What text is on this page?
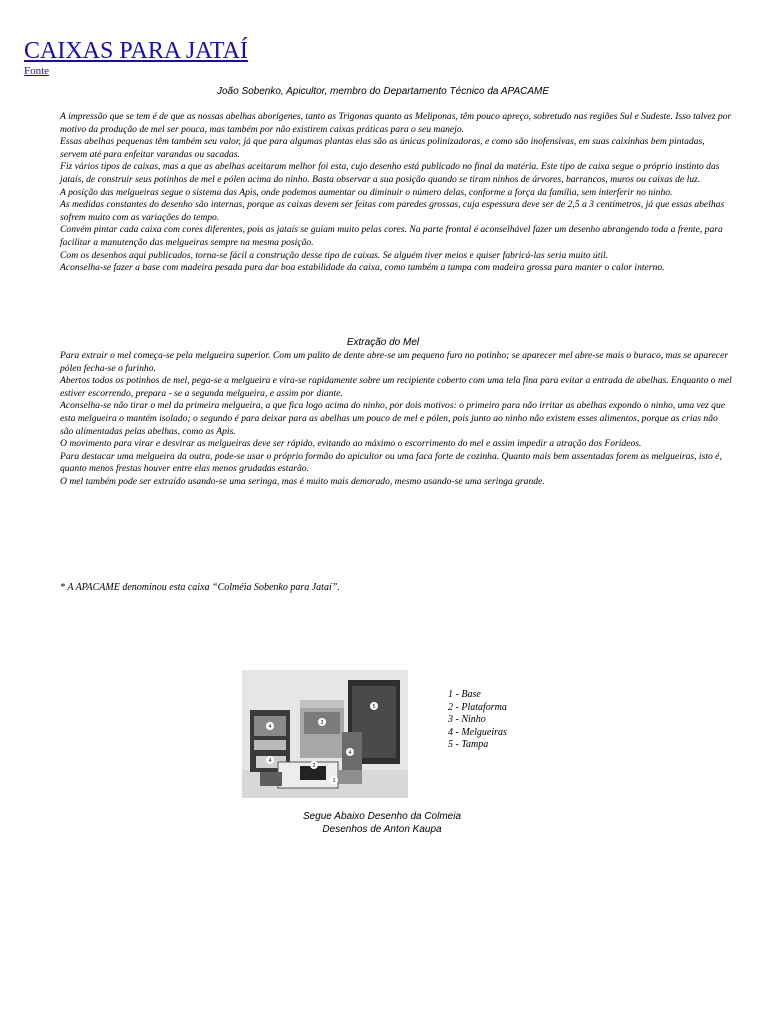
CAIXAS PARA JATAÍ
Fonte
João Sobenko, Apicultor, membro do Departamento Técnico da APACAME

A impressão que se tem é de que as nossas abelhas aborígenes, tanto as Trigonas quanto as Meliponas, têm pouco apreço, sobretudo nas regiões Sul e Sudeste. Isso talvez por motivo da produção de mel ser pouca, mas também por não existirem caixas práticas para o seu manejo.

Essas abelhas pequenas têm também seu valor, já que para algumas plantas elas são as únicas polinizadoras, e como são inofensivas, em suas caixinhas bem pintadas, servem até para enfeitar varandas ou sacadas.

Fiz vários tipos de caixas, mas a que as abelhas aceitaram melhor foi esta, cujo desenho está publicado no final da matéria. Este tipo de caixa segue o próprio instinto das jataís, de construir seus potinhos de mel e pólen acima do ninho. Basta observar a sua posição quando se tiram ninhos de árvores, barrancos, muros ou caixas de luz.

A posição das melgueiras segue o sistema das Apis, onde podemos aumentar ou diminuir o número delas, conforme a força da família, sem interferir no ninho.

As medidas constantes do desenho são internas, porque as caixas devem ser feitas com paredes grossas, cuja espessura deve ser de 2,5 a 3 centímetros, já que essas abelhas sofrem muito com as variações do tempo.

Convém pintar cada caixa com cores diferentes, pois as jataís se guiam muito pelas cores. Na parte frontal é aconselhável fazer um desenho abrangendo toda a frente, para facilitar a manutenção das melgueiras sempre na mesma posição.

Com os desenhos aqui publicados, torna-se fácil a construção desse tipo de caixas. Se alguém tiver meios e quiser fabricá-las seria muito útil.

Aconselha-se fazer a base com madeira pesada para dar boa estabilidade da caixa, como também a tampa com madeira grossa para manter o calor interno.

Extração do Mel

Para extrair o mel começa-se pela melgueira superior. Com um palito de dente abre-se um pequeno furo no potinho; se aparecer mel abre-se mais o buraco, mas se aparecer pólen fecha-se o furinho.

Abertos todos os potinhos de mel, pega-se a melgueira e vira-se rapidamente sobre um recipiente coberto com uma tela fina para evitar a entrada de abelhas. Enquanto o mel estiver escorrendo, prepara - se a segunda melgueira, e assim por diante.

Aconselha-se não tirar o mel da primeira melgueira, a que fica logo acima do ninho, por dois motivos: o primeiro para não irritar as abelhas expondo o ninho, uma vez que esta melgueira o mantém isolado; o segundo é para deixar para as abelhas um pouco de mel e pólen, pois junto ao ninho não existem esses alimentos, porque as crias não são alimentadas pelas abelhas, como as Apis.

O movimento para virar e desvirar as melgueiras deve ser rápido, evitando ao máximo o escorrimento do mel e assim impedir a atração dos Forídeos.

Para destacar uma melgueira da outra, pode-se usar o próprio formão do apicultor ou uma faca forte de cozinha. Quanto mais bem assentadas forem as melgueiras, isto é, quanto menos frestas houver entre elas menos grudadas estarão.

O mel também pode ser extraído usando-se uma seringa, mas é muito mais demorado, mesmo usando-se uma seringa grande.

* A APACAME denominou esta caixa “Colméia Sobenko para Jataí”.
4
3
5
4
2
1
4
1 - Base
2 - Plataforma
3 - Ninho
4 - Melgueiras
5 - Tampa
Segue Abaixo Desenho da Colmeia
Desenhos de Anton Kaupa
